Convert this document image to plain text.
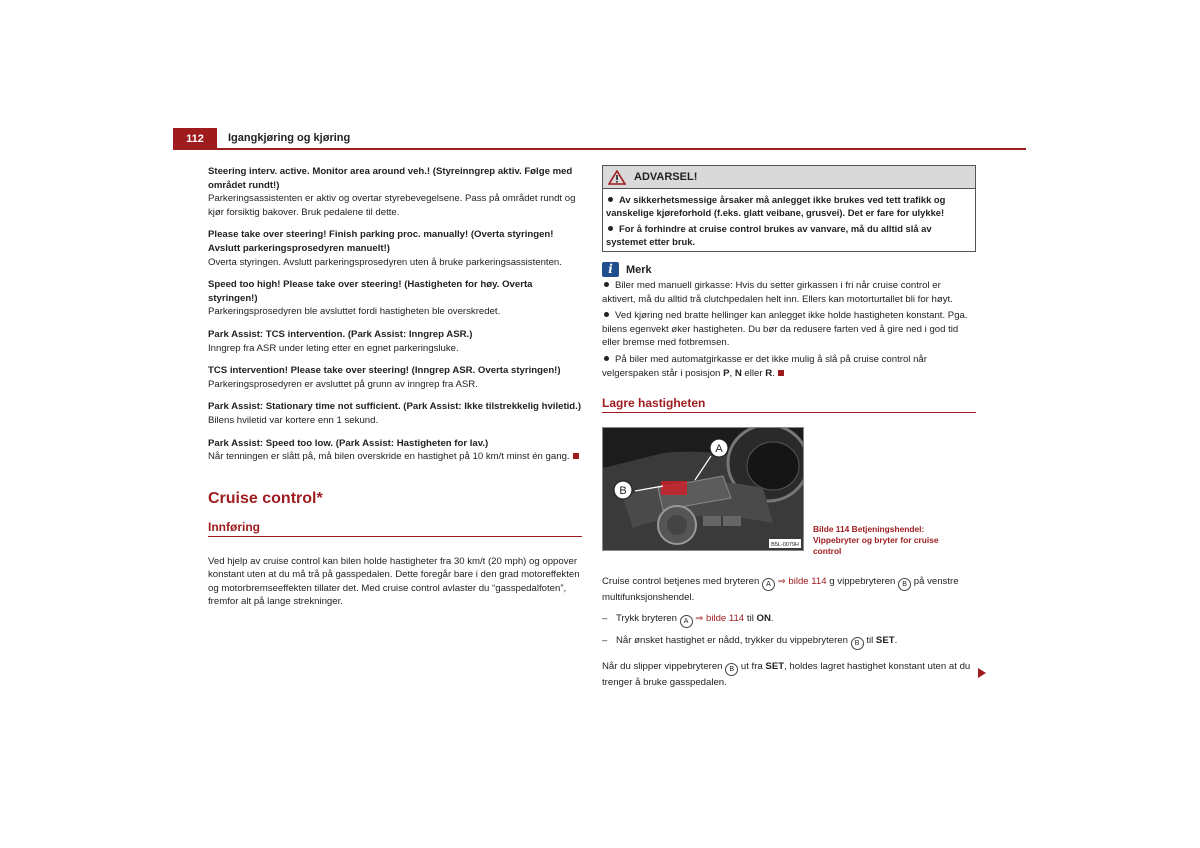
112	Igangkjøring og kjøring

Steering interv. active. Monitor area around veh.! (Styreinngrep aktiv. Følge med området rundt!)

Parkeringsassistenten er aktiv og overtar styrebevegelsene. Pass på området rundt og kjør forsiktig bakover. Bruk pedalene til dette.

Please take over steering! Finish parking proc. manually! (Overta styringen! Avslutt parkeringsprosedyren manuelt!)

Overta styringen. Avslutt parkeringsprosedyren uten å bruke parkeringsassistenten.

Speed too high! Please take over steering! (Hastigheten for høy. Overta styringen!)

Parkeringsprosedyren ble avsluttet fordi hastigheten ble overskredet.

Park Assist: TCS intervention. (Park Assist: Inngrep ASR.)

Inngrep fra ASR under leting etter en egnet parkeringsluke.

TCS intervention! Please take over steering! (Inngrep ASR. Overta styringen!)

Parkeringsprosedyren er avsluttet på grunn av inngrep fra ASR.

Park Assist: Stationary time not sufficient. (Park Assist: Ikke tilstrekkelig hviletid.)

Bilens hviletid var kortere enn 1 sekund.

Park Assist: Speed too low. (Park Assist: Hastigheten for lav.)

Når tenningen er slått på, må bilen overskride en hastighet på 10 km/t minst én gang.

Cruise control*
Innføring

Ved hjelp av cruise control kan bilen holde hastigheter fra 30 km/t (20 mph) og oppover konstant uten at du må trå på gasspedalen. Dette foregår bare i den grad motoreffekten og motorbremseeffekten tillater det. Med cruise control avlaster du “gasspedalfoten”, fremfor alt på lange strekninger.

ADVARSEL!

Av sikkerhetsmessige årsaker må anlegget ikke brukes ved tett trafikk og vanskelige kjøreforhold (f.eks. glatt veibane, grusvei). Det er fare for ulykke!

For å forhindre at cruise control brukes av vanvare, må du alltid slå av systemet etter bruk.

i	Merk

Biler med manuell girkasse: Hvis du setter girkassen i fri når cruise control er aktivert, må du alltid trå clutchpedalen helt inn. Ellers kan motorturtallet bli for høyt.

Ved kjøring ned bratte hellinger kan anlegget ikke holde hastigheten konstant. Pga. bilens egenvekt øker hastigheten. Du bør da redusere farten ved å gire ned i god tid eller bremse med fotbremsen.

På biler med automatgirkasse er det ikke mulig å slå på cruise control når velgerspaken står i posisjon P, N eller R.

Lagre hastigheten
A
B
B5L-0079H
Bilde 114 Betjeningshendel: Vippebryter og bryter for cruise control

Cruise control betjenes med bryteren A ⇒ bilde 114 g vippebryteren B på venstre multifunksjonshendel.

– Trykk bryteren A ⇒ bilde 114 til ON.

– Når ønsket hastighet er nådd, trykker du vippebryteren B til SET.

Når du slipper vippebryteren B ut fra SET, holdes lagret hastighet konstant uten at du trenger å bruke gasspedalen.
